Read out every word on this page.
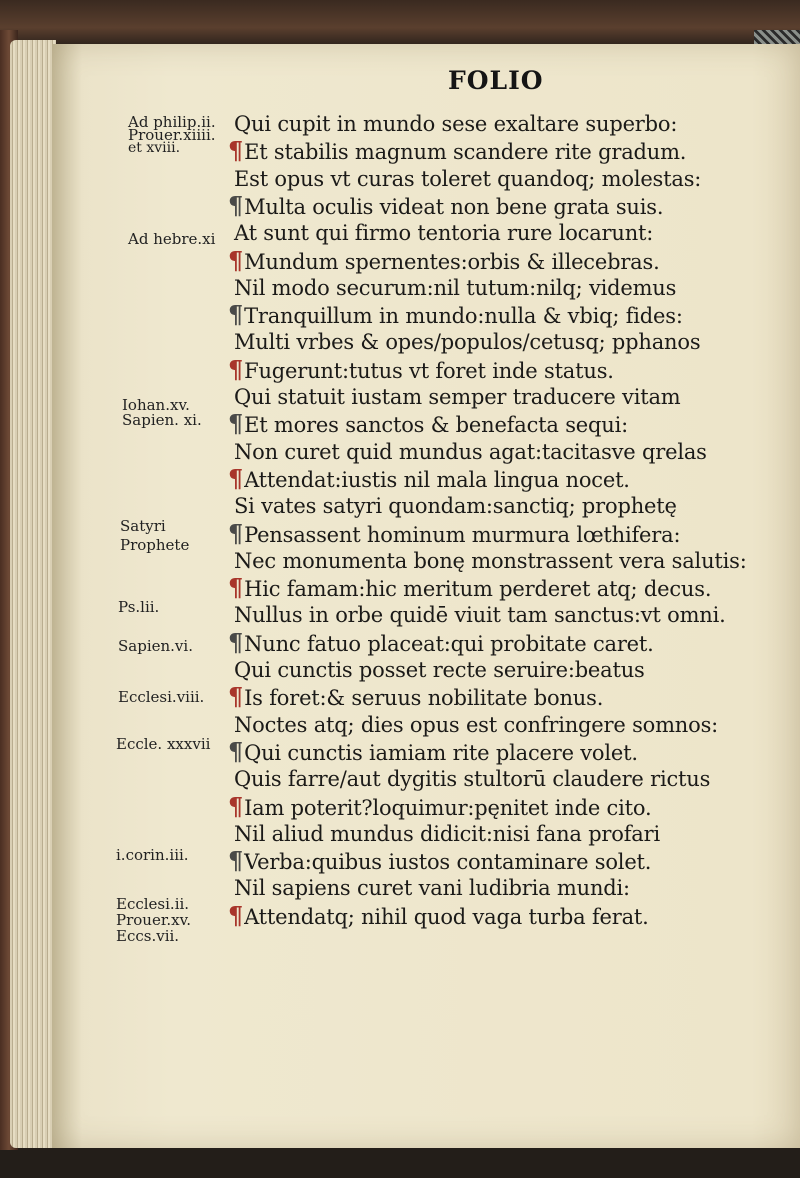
FOLIO
Qui cupit in mundo sese exaltare superbo:
¶Et stabilis magnum scandere rite gradum.
Est opus vt curas toleret quandoq; molestas:
¶Multa oculis videat non bene grata suis.
At sunt qui firmo tentoria rure locarunt:
¶Mundum spernentes:orbis & illecebras.
Nil modo securum:nil tutum:nilq; videmus
¶Tranquillum in mundo:nulla & vbiq; fides:
Multi vrbes & opes/populos/cetusq; pphanos
¶Fugerunt:tutus vt foret inde status.
Qui statuit iustam semper traducere vitam
¶Et mores sanctos & benefacta sequi:
Non curet quid mundus agat:tacitasve qrelas
¶Attendat:iustis nil mala lingua nocet.
Si vates satyri quondam:sanctiq; prophetę
¶Pensassent hominum murmura lœthifera:
Nec monumenta bonę monstrassent vera salutis:
¶Hic famam:hic meritum perderet atq; decus.
Nullus in orbe quidē viuit tam sanctus:vt omni.
¶Nunc fatuo placeat:qui probitate caret.
Qui cunctis posset recte seruire:beatus
¶Is foret:& seruus nobilitate bonus.
Noctes atq; dies opus est confringere somnos:
¶Qui cunctis iamiam rite placere volet.
Quis farre/aut dygitis stultorū claudere rictus
¶Iam poterit?loquimur:pęnitet inde cito.
Nil aliud mundus didicit:nisi fana profari
¶Verba:quibus iustos contaminare solet.
Nil sapiens curet vani ludibria mundi:
¶Attendatq; nihil quod vaga turba ferat.
Ad philip.ii.
Prouer.xiiii.
et xviii.
Ad hebre.xi
Iohan.xv.
Sapien. xi.
Satyri
Prophete
Ps.lii.
Sapien.vi.
Ecclesi.viii.
Eccle. xxxvii
i.corin.iii.
Ecclesi.ii.
Prouer.xv.
Eccs.vii.
